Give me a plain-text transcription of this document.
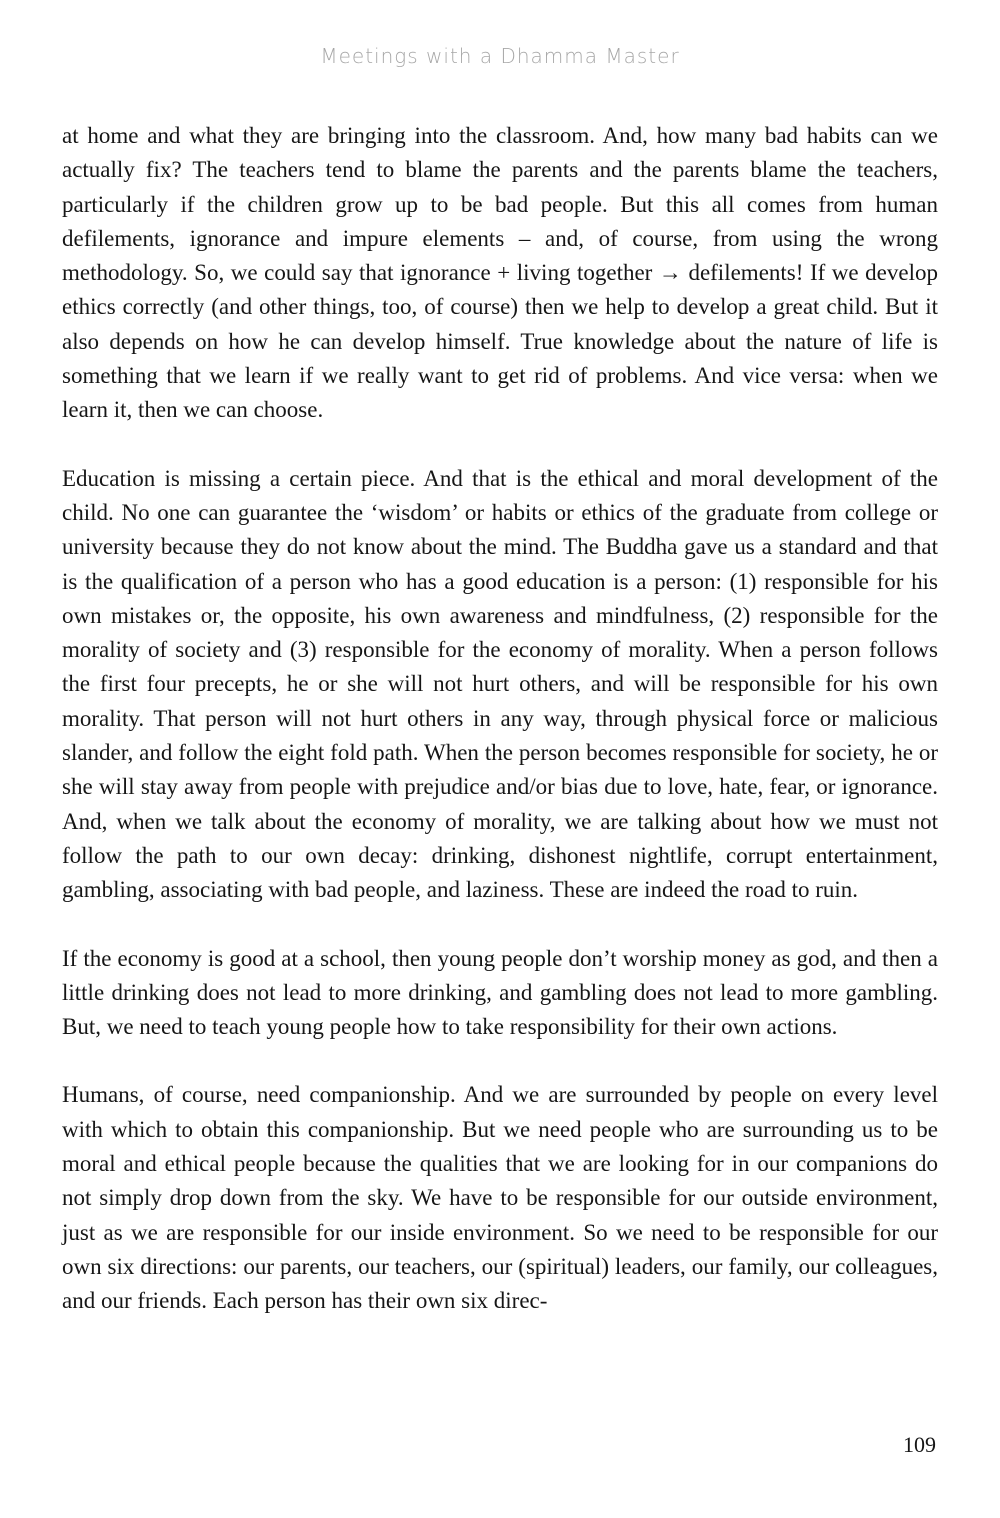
Meetings with a Dhamma Master

at home and what they are bringing into the classroom. And, how many bad habits can we actually fix? The teachers tend to blame the parents and the parents blame the teachers, particularly if the children grow up to be bad people. But this all comes from human defilements, ignorance and impure elements – and, of course, from using the wrong methodology. So, we could say that ignorance + living together → defilements! If we develop ethics correctly (and other things, too, of course) then we help to develop a great child. But it also depends on how he can develop himself. True knowledge about the nature of life is something that we learn if we really want to get rid of problems. And vice versa: when we learn it, then we can choose.

Education is missing a certain piece. And that is the ethical and moral development of the child. No one can guarantee the ‘wisdom’ or habits or ethics of the graduate from college or university because they do not know about the mind. The Buddha gave us a standard and that is the qualification of a person who has a good education is a person: (1) responsible for his own mistakes or, the opposite, his own awareness and mindfulness, (2) responsible for the morality of society and (3) responsible for the economy of morality. When a person follows the first four precepts, he or she will not hurt others, and will be responsible for his own morality. That person will not hurt others in any way, through physical force or malicious slander, and follow the eight fold path. When the person becomes responsible for society, he or she will stay away from people with prejudice and/or bias due to love, hate, fear, or ignorance. And, when we talk about the economy of morality, we are talking about how we must not follow the path to our own decay: drinking, dishonest nightlife, corrupt entertainment, gambling, associating with bad people, and laziness. These are indeed the road to ruin.

If the economy is good at a school, then young people don’t worship money as god, and then a little drinking does not lead to more drinking, and gambling does not lead to more gambling. But, we need to teach young people how to take responsibility for their own actions.

Humans, of course, need companionship. And we are surrounded by people on every level with which to obtain this companionship. But we need people who are surrounding us to be moral and ethical people because the qualities that we are looking for in our companions do not simply drop down from the sky. We have to be responsible for our outside environment, just as we are responsible for our inside environment. So we need to be responsible for our own six directions: our parents, our teachers, our (spiritual) leaders, our family, our colleagues, and our friends. Each person has their own six direc-

109
